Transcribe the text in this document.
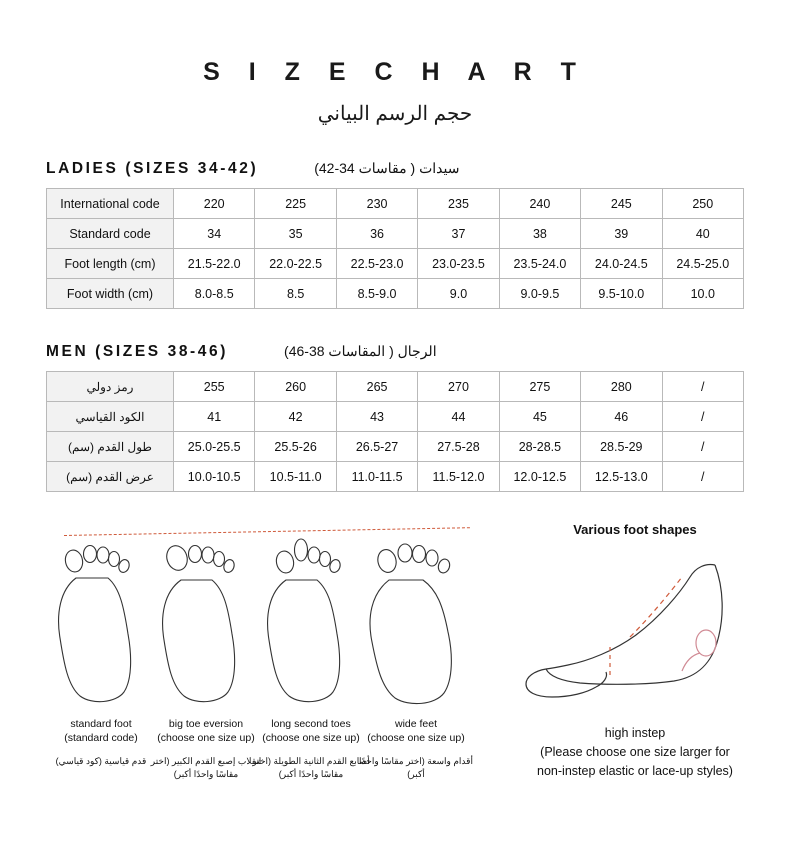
S I Z E C H A R T
حجم الرسم البياني
LADIES (SIZES 34-42)	سيدات ( مقاسات 34-42)
International code	220	225	230	235	240	245	250
Standard code	34	35	36	37	38	39	40
Foot length (cm)	21.5-22.0	22.0-22.5	22.5-23.0	23.0-23.5	23.5-24.0	24.0-24.5	24.5-25.0
Foot width (cm)	8.0-8.5	8.5	8.5-9.0	9.0	9.0-9.5	9.5-10.0	10.0
MEN (SIZES 38-46)	الرجال ( المقاسات 38-46)
رمز دولي	255	260	265	270	275	280	/
الكود القياسي	41	42	43	44	45	46	/
طول القدم (سم)	25.0-25.5	25.5-26	26.5-27	27.5-28	28-28.5	28.5-29	/
عرض القدم (سم)	10.0-10.5	10.5-11.0	11.0-11.5	11.5-12.0	12.0-12.5	12.5-13.0	/
standard foot
(standard code)
قدم قياسية (كود قياسي)
big toe eversion
(choose one size up)
انقلاب إصبع القدم الكبير (اختر مقاسًا واحدًا أكبر)
long second toes
(choose one size up)
أصابع القدم الثانية الطويلة (اختر مقاسًا واحدًا أكبر)
wide feet
(choose one size up)
أقدام واسعة (اختر مقاسًا واحدًا أكبر)
Various foot shapes
high instep
(Please choose one size larger for
non-instep elastic or lace-up styles)
